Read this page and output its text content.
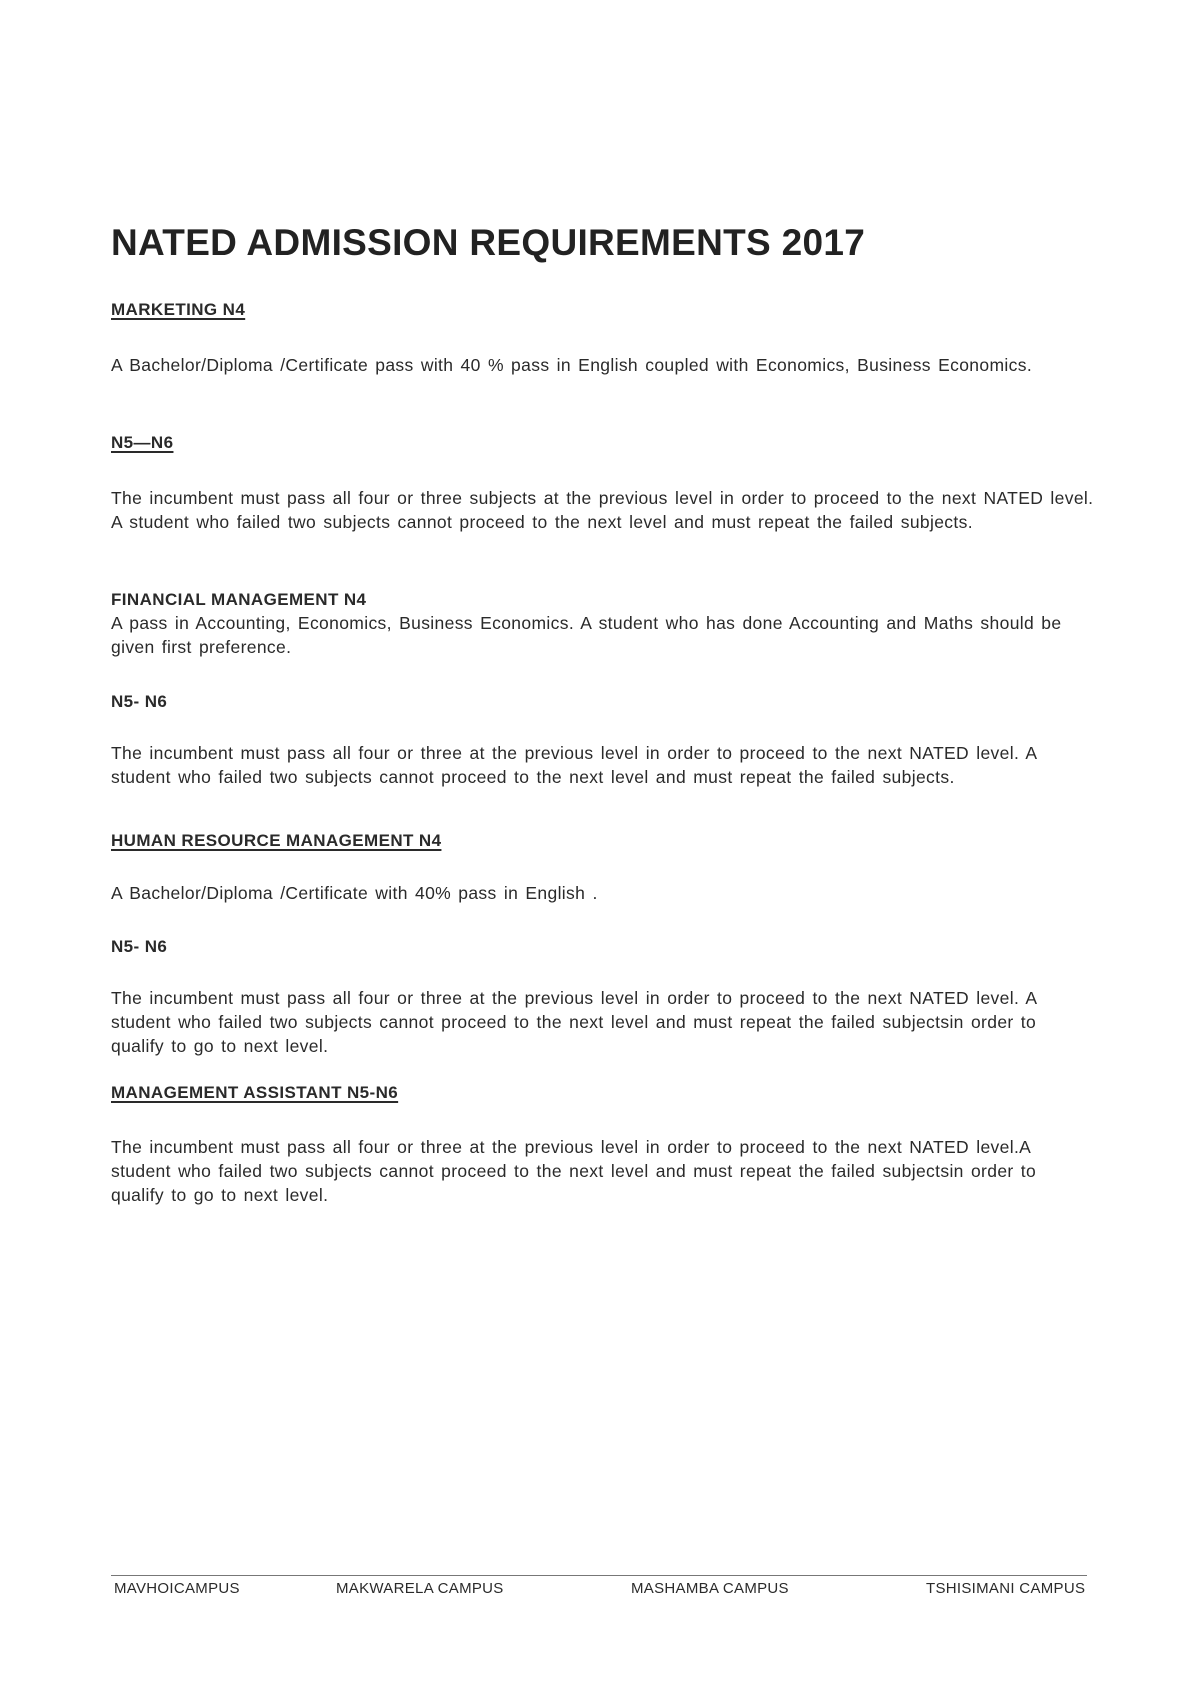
NATED ADMISSION REQUIREMENTS 2017
MARKETING N4

A Bachelor/Diploma /Certificate pass with 40 % pass in English coupled with Economics, Business Economics.

N5—N6

The incumbent must pass all four or three subjects at the previous level in order to proceed to the next NATED level. A student who failed two subjects cannot proceed to the next level and must repeat the failed subjects.

FINANCIAL MANAGEMENT N4

A pass in Accounting, Economics, Business Economics. A student who has done Accounting and Maths should be given first preference.

N5- N6

The incumbent must pass all four or three at the previous level in order to proceed to the next NATED level. A student who failed two subjects cannot proceed to the next level and must repeat the failed subjects.

HUMAN RESOURCE MANAGEMENT N4

A Bachelor/Diploma /Certificate with 40% pass in English .

N5- N6

The incumbent must pass all four or three at the previous level in order to proceed to the next NATED level. A student who failed two subjects cannot proceed to the next level and must repeat the failed subjectsin order to qualify to go to next level.

MANAGEMENT ASSISTANT N5-N6

The incumbent must pass all four or three at the previous level in order to proceed to the next NATED level.A student who failed two subjects cannot proceed to the next level and must repeat the failed subjectsin order to qualify to go to next level.

MAVHOICAMPUS	MAKWARELA CAMPUS	MASHAMBA CAMPUS	TSHISIMANI CAMPUS
